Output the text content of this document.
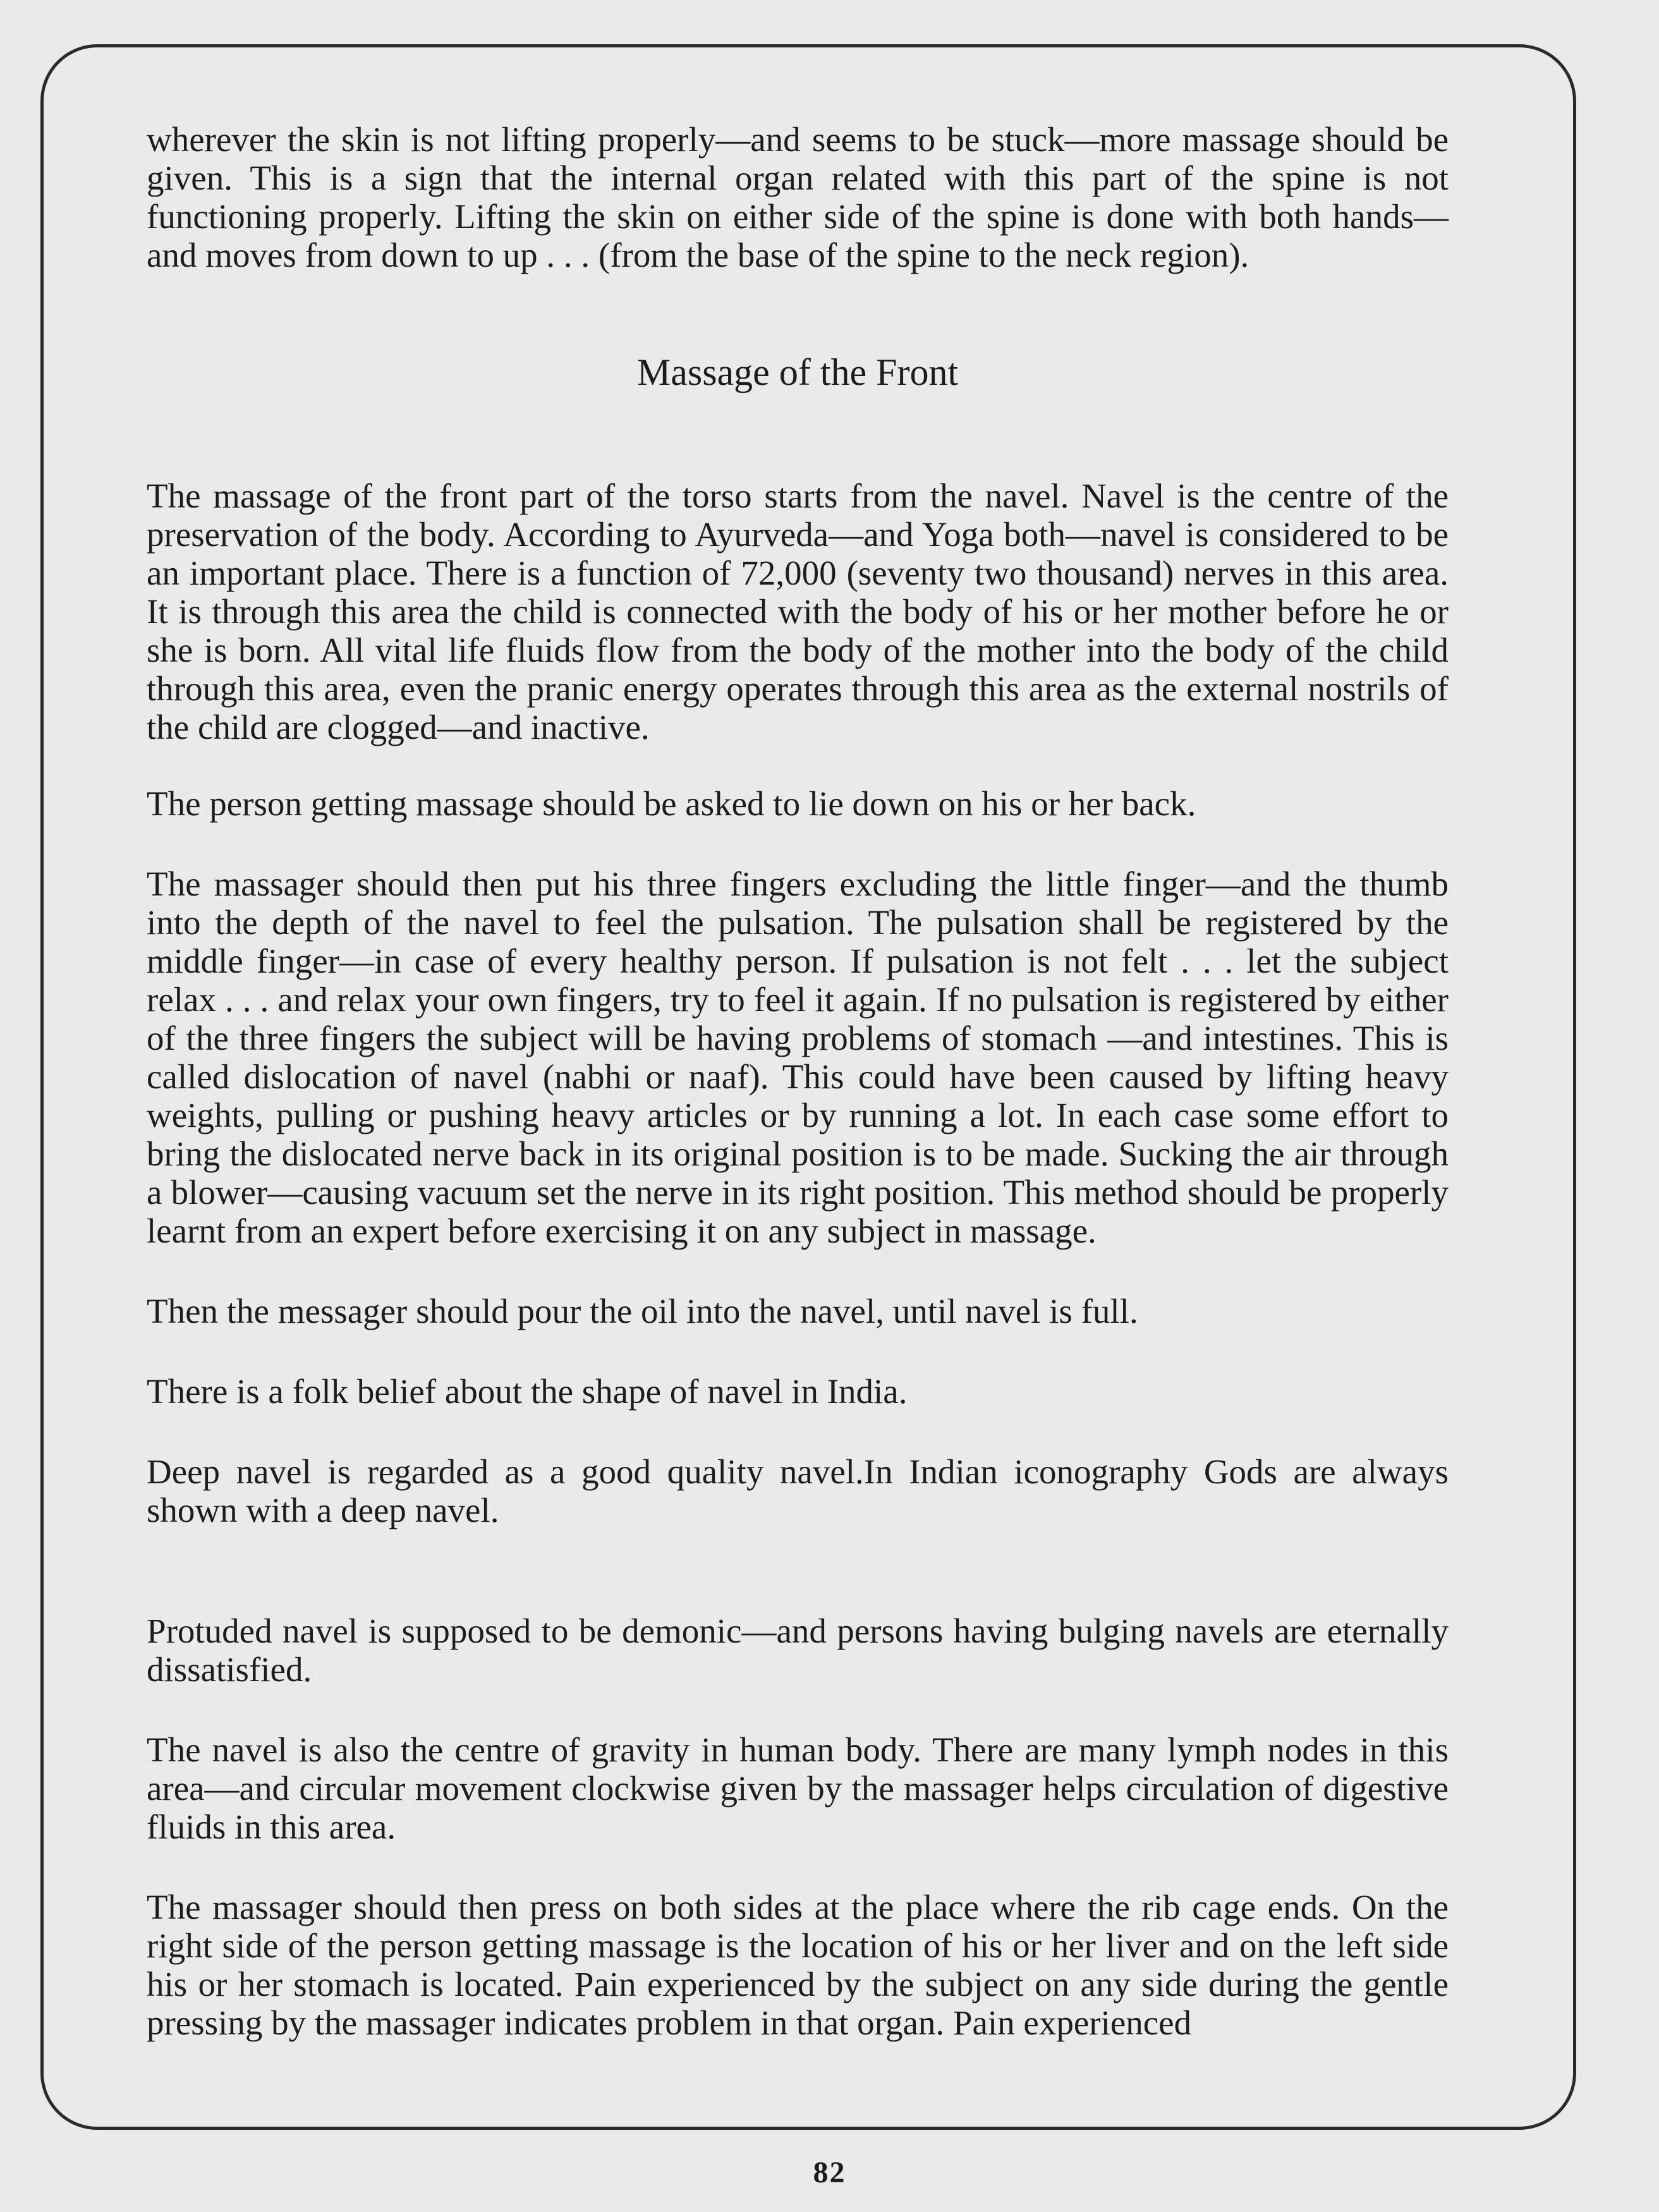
wherever the skin is not lifting properly—and seems to be stuck—more massage should be given. This is a sign that the internal organ related with this part of the spine is not functioning properly. Lifting the skin on either side of the spine is done with both hands—and moves from down to up . . . (from the base of the spine to the neck region).

Massage of the Front

The massage of the front part of the torso starts from the navel. Navel is the centre of the preservation of the body. According to Ayurveda—and Yoga both—navel is considered to be an important place. There is a function of 72,000 (seventy two thousand) nerves in this area. It is through this area the child is connected with the body of his or her mother before he or she is born. All vital life fluids flow from the body of the mother into the body of the child through this area, even the pranic energy operates through this area as the external nostrils of the child are clogged—and inactive.

The person getting massage should be asked to lie down on his or her back.

The massager should then put his three fingers excluding the little finger—and the thumb into the depth of the navel to feel the pulsation. The pulsation shall be registered by the middle finger—in case of every healthy person. If pulsation is not felt . . . let the subject relax . . . and relax your own fingers, try to feel it again. If no pulsation is registered by either of the three fingers the subject will be having problems of stomach —and intestines. This is called dislocation of navel (nabhi or naaf). This could have been caused by lifting heavy weights, pulling or pushing heavy articles or by running a lot. In each case some effort to bring the dislocated nerve back in its original position is to be made. Sucking the air through a blower—causing vacuum set the nerve in its right position. This method should be properly learnt from an expert before exercising it on any subject in massage.

Then the messager should pour the oil into the navel, until navel is full.

There is a folk belief about the shape of navel in India.

Deep navel is regarded as a good quality navel.In Indian iconography Gods are always shown with a deep navel.

Protuded navel is supposed to be demonic—and persons having bulging navels are eternally dissatisfied.

The navel is also the centre of gravity in human body. There are many lymph nodes in this area—and circular movement clockwise given by the massager helps circulation of digestive fluids in this area.

The massager should then press on both sides at the place where the rib cage ends. On the right side of the person getting massage is the location of his or her liver and on the left side his or her stomach is located. Pain experienced by the subject on any side during the gentle pressing by the massager indicates problem in that organ. Pain experienced

82
